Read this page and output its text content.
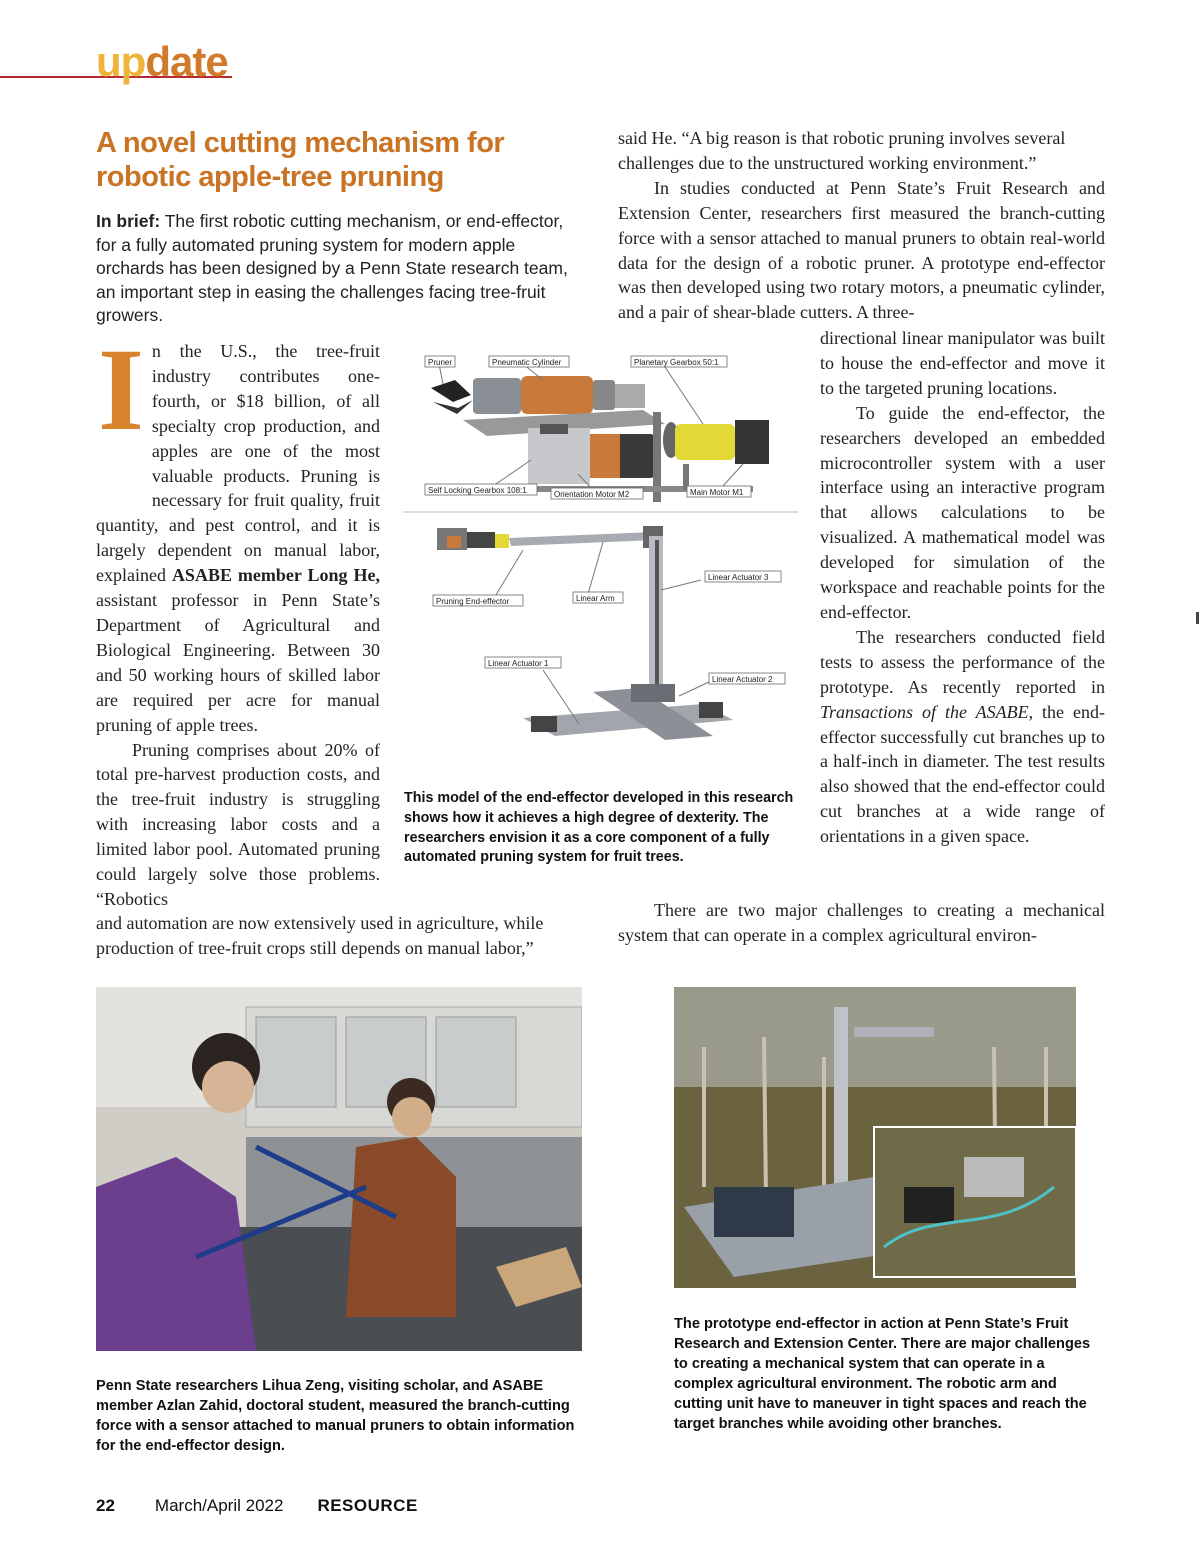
update
A novel cutting mechanism for robotic apple-tree pruning
In brief: The first robotic cutting mechanism, or end-effector, for a fully automated pruning system for modern apple orchards has been designed by a Penn State research team, an important step in easing the challenges facing tree-fruit growers.

In the U.S., the tree-fruit industry contributes one-fourth, or $18 billion, of all specialty crop production, and apples are one of the most valuable products. Pruning is necessary for fruit quality, fruit quantity, and pest control, and it is largely dependent on manual labor, explained ASABE member Long He, assistant professor in Penn State’s Department of Agricultural and Biological Engineering. Between 30 and 50 working hours of skilled labor are required per acre for manual pruning of apple trees.

Pruning comprises about 20% of total pre-harvest production costs, and the tree-fruit industry is struggling with increasing labor costs and a limited labor pool. Automated pruning could largely solve those problems. “Robotics

and automation are now extensively used in agriculture, while production of tree-fruit crops still depends on manual labor,”

said He. “A big reason is that robotic pruning involves several challenges due to the unstructured working environment.”

In studies conducted at Penn State’s Fruit Research and Extension Center, researchers first measured the branch-cutting force with a sensor attached to manual pruners to obtain real-world data for the design of a robotic pruner. A prototype end-effector was then developed using two rotary motors, a pneumatic cylinder, and a pair of shear-blade cutters. A three-

directional linear manipulator was built to house the end-effector and move it to the targeted pruning locations.

To guide the end-effector, the researchers developed an embedded microcontroller system with a user interface using an interactive program that allows calculations to be visualized. A mathematical model was developed for simulation of the workspace and reachable points for the end-effector.

The researchers conducted field tests to assess the performance of the prototype. As recently reported in Transactions of the ASABE, the end-effector successfully cut branches up to a half-inch in diameter. The test results also showed that the end-effector could cut branches at a wide range of orientations in a given space.

There are two major challenges to creating a mechanical system that can operate in a complex agricultural environ-

Pruner	Pneumatic Cylinder	Planetary Gearbox 50:1
Self Locking Gearbox 108:1	Orientation Motor M2	Main Motor M1
Pruning End-effector	Linear Arm
Linear Actuator 3
Linear Actuator 1
Linear Actuator 2
This model of the end-effector developed in this research shows how it achieves a high degree of dexterity. The researchers envision it as a core component of a fully automated pruning system for fruit trees.
Penn State researchers Lihua Zeng, visiting scholar, and ASABE member Azlan Zahid, doctoral student, measured the branch-cutting force with a sensor attached to manual pruners to obtain information for the end-effector design.
The prototype end-effector in action at Penn State’s Fruit Research and Extension Center. There are major challenges to creating a mechanical system that can operate in a complex agricultural environment. The robotic arm and cutting unit have to maneuver in tight spaces and reach the target branches while avoiding other branches.
22 March/April 2022 RESOURCE
